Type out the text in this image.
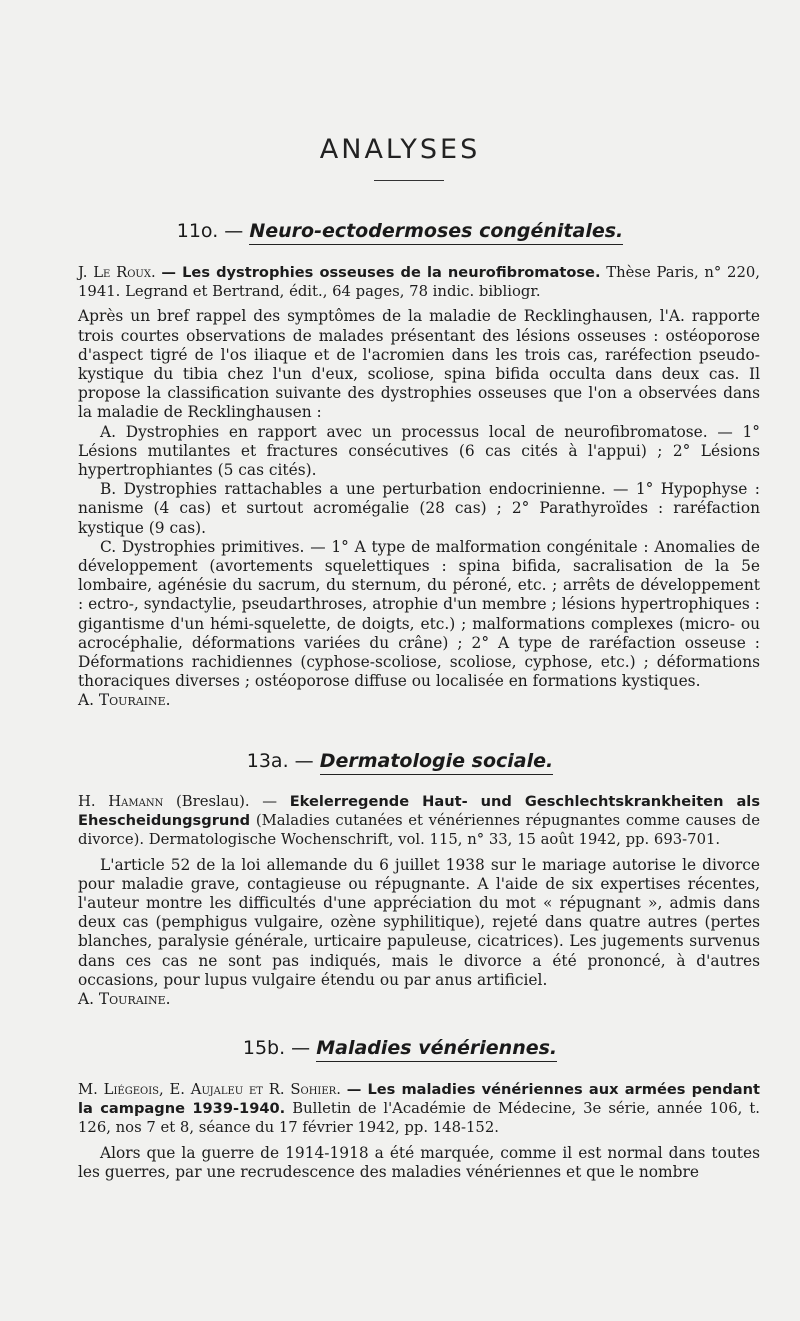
ANALYSES
11o. — Neuro-ectodermoses congénitales.

J. Le Roux. — Les dystrophies osseuses de la neurofibromatose. Thèse Paris, n° 220, 1941. Legrand et Bertrand, édit., 64 pages, 78 indic. bibliogr.

Après un bref rappel des symptômes de la maladie de Recklinghausen, l'A. rapporte trois courtes observations de malades présentant des lésions osseuses : ostéoporose d'aspect tigré de l'os iliaque et de l'acromien dans les trois cas, raréfection pseudo-kystique du tibia chez l'un d'eux, scoliose, spina bifida occulta dans deux cas. Il propose la classification suivante des dystrophies osseuses que l'on a observées dans la maladie de Recklinghausen :

A. Dystrophies en rapport avec un processus local de neurofibromatose. — 1° Lésions mutilantes et fractures consécutives (6 cas cités à l'appui) ; 2° Lésions hypertrophiantes (5 cas cités).

B. Dystrophies rattachables a une perturbation endocrinienne. — 1° Hypophyse : nanisme (4 cas) et surtout acromégalie (28 cas) ; 2° Parathyroïdes : raréfaction kystique (9 cas).

C. Dystrophies primitives. — 1° A type de malformation congénitale : Anomalies de développement (avortements squelettiques : spina bifida, sacralisation de la 5e lombaire, agénésie du sacrum, du sternum, du péroné, etc. ; arrêts de développement : ectro-, syndactylie, pseudarthroses, atrophie d'un membre ; lésions hypertrophiques : gigantisme d'un hémi-squelette, de doigts, etc.) ; malformations complexes (micro- ou acrocéphalie, déformations variées du crâne) ; 2° A type de raréfaction osseuse : Déformations rachidiennes (cyphose-scoliose, scoliose, cyphose, etc.) ; déformations thoraciques diverses ; ostéoporose diffuse ou localisée en formations kystiques.

A. Touraine.

13a. — Dermatologie sociale.

H. Hamann (Breslau). — Ekelerregende Haut- und Geschlechtskrankheiten als Ehescheidungsgrund (Maladies cutanées et vénériennes répugnantes comme causes de divorce). Dermatologische Wochenschrift, vol. 115, n° 33, 15 août 1942, pp. 693-701.

L'article 52 de la loi allemande du 6 juillet 1938 sur le mariage autorise le divorce pour maladie grave, contagieuse ou répugnante. A l'aide de six expertises récentes, l'auteur montre les difficultés d'une appréciation du mot « répugnant », admis dans deux cas (pemphigus vulgaire, ozène syphilitique), rejeté dans quatre autres (pertes blanches, paralysie générale, urticaire papuleuse, cicatrices). Les jugements survenus dans ces cas ne sont pas indiqués, mais le divorce a été prononcé, à d'autres occasions, pour lupus vulgaire étendu ou par anus artificiel.

A. Touraine.

15b. — Maladies vénériennes.

M. Liégeois, E. Aujaleu et R. Sohier. — Les maladies vénériennes aux armées pendant la campagne 1939-1940. Bulletin de l'Académie de Médecine, 3e série, année 106, t. 126, nos 7 et 8, séance du 17 février 1942, pp. 148-152.

Alors que la guerre de 1914-1918 a été marquée, comme il est normal dans toutes les guerres, par une recrudescence des maladies vénériennes et que le nombre
